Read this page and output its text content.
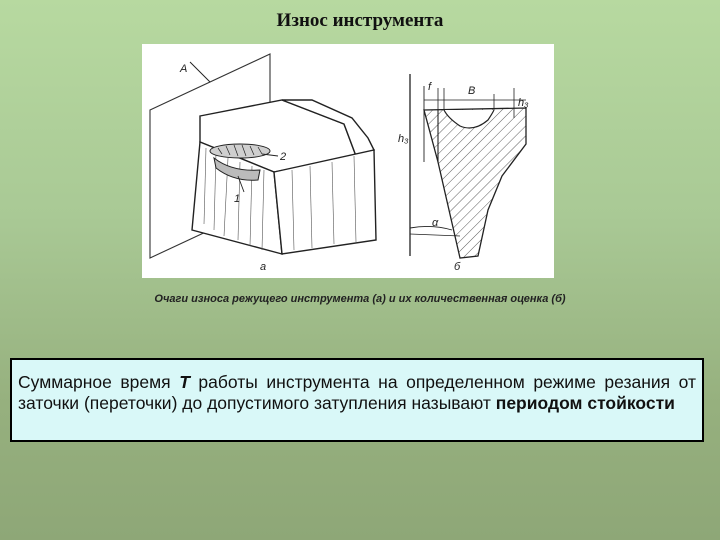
Износ инструмента
A
2
1
а
f	B
h₃
h₃
α
б
Очаги износа режущего инструмента (а) и их количественная оценка (б)
Суммарное время T работы инструмента на определенном режиме резания от заточки (переточки) до допустимого затупления называют периодом стойкости
